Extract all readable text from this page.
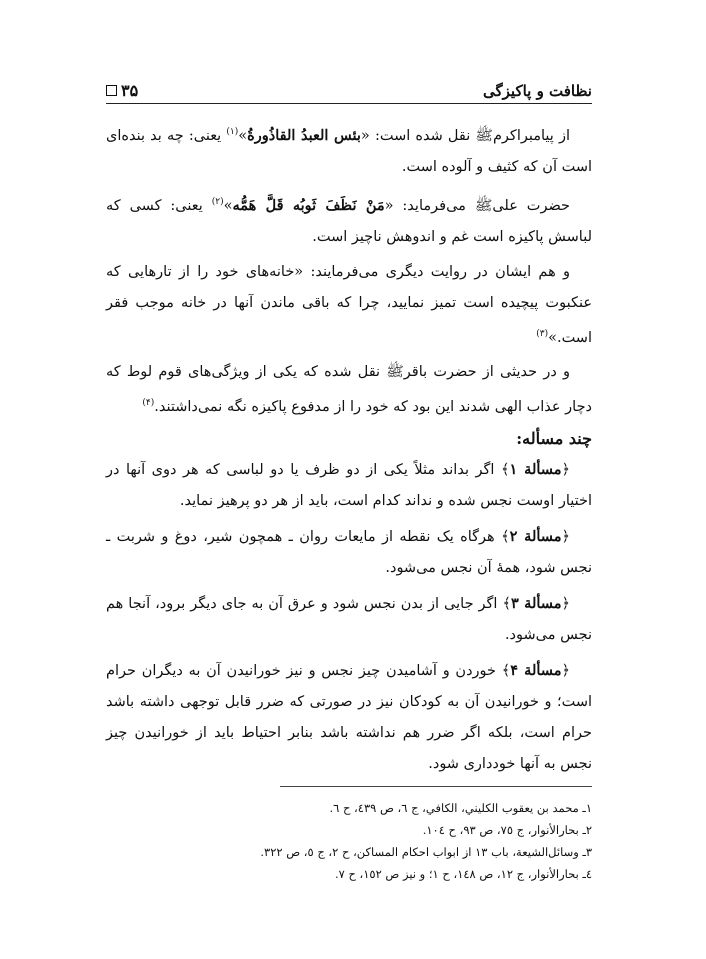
نظافت و پاکیزگی
۳۵

از پیامبراکرمﷺ نقل شده است: «بئس العبدُ القاذُورةُ»$^{(۱)}$ یعنی: چه بد بنده‌ای است آن که کثیف و آلوده است.

حضرت علی‌ﷺ می‌فرماید: «مَنْ نَظَفَ ثَوبُه قَلَّ هَمُّه»$^{(۲)}$ یعنی: کسی که لباسش پاکیزه است غم و اندوهش ناچیز است.

و هم ایشان در روایت دیگری می‌فرمایند: «خانه‌های خود را از تارهایی که عنکبوت پیچیده است تمیز نمایید، چرا که باقی ماندن آنها در خانه موجب فقر است.»$^{(۳)}$

و در حدیثی از حضرت باقرﷺ نقل شده که یکی از ویژگی‌های قوم لوط که دچار عذاب الهی شدند این بود که خود را از مدفوع پاکیزه نگه نمی‌داشتند.$^{(۴)}$

چند مسأله:

﴿مسألة ۱﴾ اگر بداند مثلاً یکی از دو ظرف یا دو لباسی که هر دوی آنها در اختیار اوست نجس شده و نداند کدام است، باید از هر دو پرهیز نماید.

﴿مسألة ۲﴾ هرگاه یک نقطه از مایعات روان ـ همچون شیر، دوغ و شربت ـ نجس شود، همهٔ آن نجس می‌شود.

﴿مسألة ۳﴾ اگر جایی از بدن نجس شود و عرق آن به جای دیگر برود، آنجا هم نجس می‌شود.

﴿مسألة ۴﴾ خوردن و آشامیدن چیز نجس و نیز خورانیدن آن به دیگران حرام است؛ و خورانیدن آن به کودکان نیز در صورتی که ضرر قابل توجهی داشته باشد حرام است، بلکه اگر ضرر هم نداشته باشد بنابر احتیاط باید از خورانیدن چیز نجس به آنها خودداری شود.

١ـ محمد بن يعقوب الكليني، الكافي، ج ٦، ص ٤٣٩، ح ٦.
٢ـ بحارالأنوار، ج ٧٥، ص ٩٣، ح ١٠٤.
٣ـ وسائل‌الشيعة، باب ١٣ از ابواب احكام المساكن، ح ٢، ج ٥، ص ٣٢٢.
٤ـ بحارالأنوار، ج ١٢، ص ١٤٨، ح ١؛ و نيز ص ١٥٢، ح ٧.
